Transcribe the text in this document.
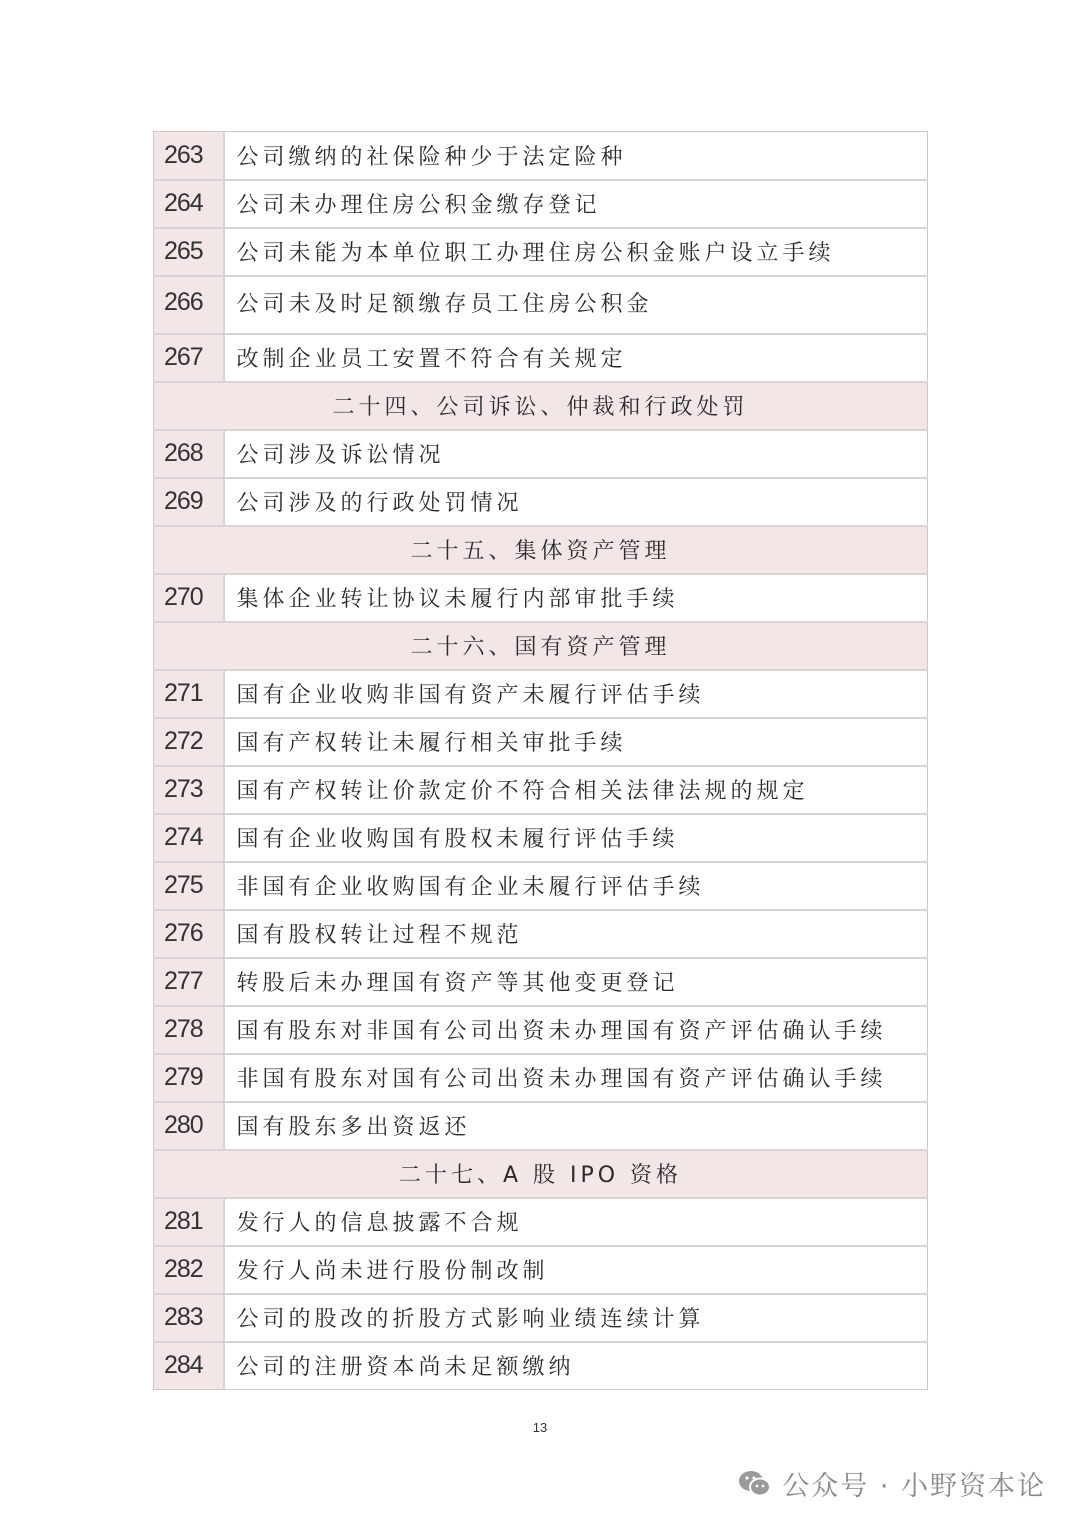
263	公司缴纳的社保险种少于法定险种
264	公司未办理住房公积金缴存登记
265	公司未能为本单位职工办理住房公积金账户设立手续
266	公司未及时足额缴存员工住房公积金
267	改制企业员工安置不符合有关规定
二十四、公司诉讼、仲裁和行政处罚	
268	公司涉及诉讼情况
269	公司涉及的行政处罚情况
二十五、集体资产管理	
270	集体企业转让协议未履行内部审批手续
二十六、国有资产管理	
271	国有企业收购非国有资产未履行评估手续
272	国有产权转让未履行相关审批手续
273	国有产权转让价款定价不符合相关法律法规的规定
274	国有企业收购国有股权未履行评估手续
275	非国有企业收购国有企业未履行评估手续
276	国有股权转让过程不规范
277	转股后未办理国有资产等其他变更登记
278	国有股东对非国有公司出资未办理国有资产评估确认手续
279	非国有股东对国有公司出资未办理国有资产评估确认手续
280	国有股东多出资返还
二十七、A 股 IPO 资格	
281	发行人的信息披露不合规
282	发行人尚未进行股份制改制
283	公司的股改的折股方式影响业绩连续计算
284	公司的注册资本尚未足额缴纳
13
公众号 · 小野资本论
